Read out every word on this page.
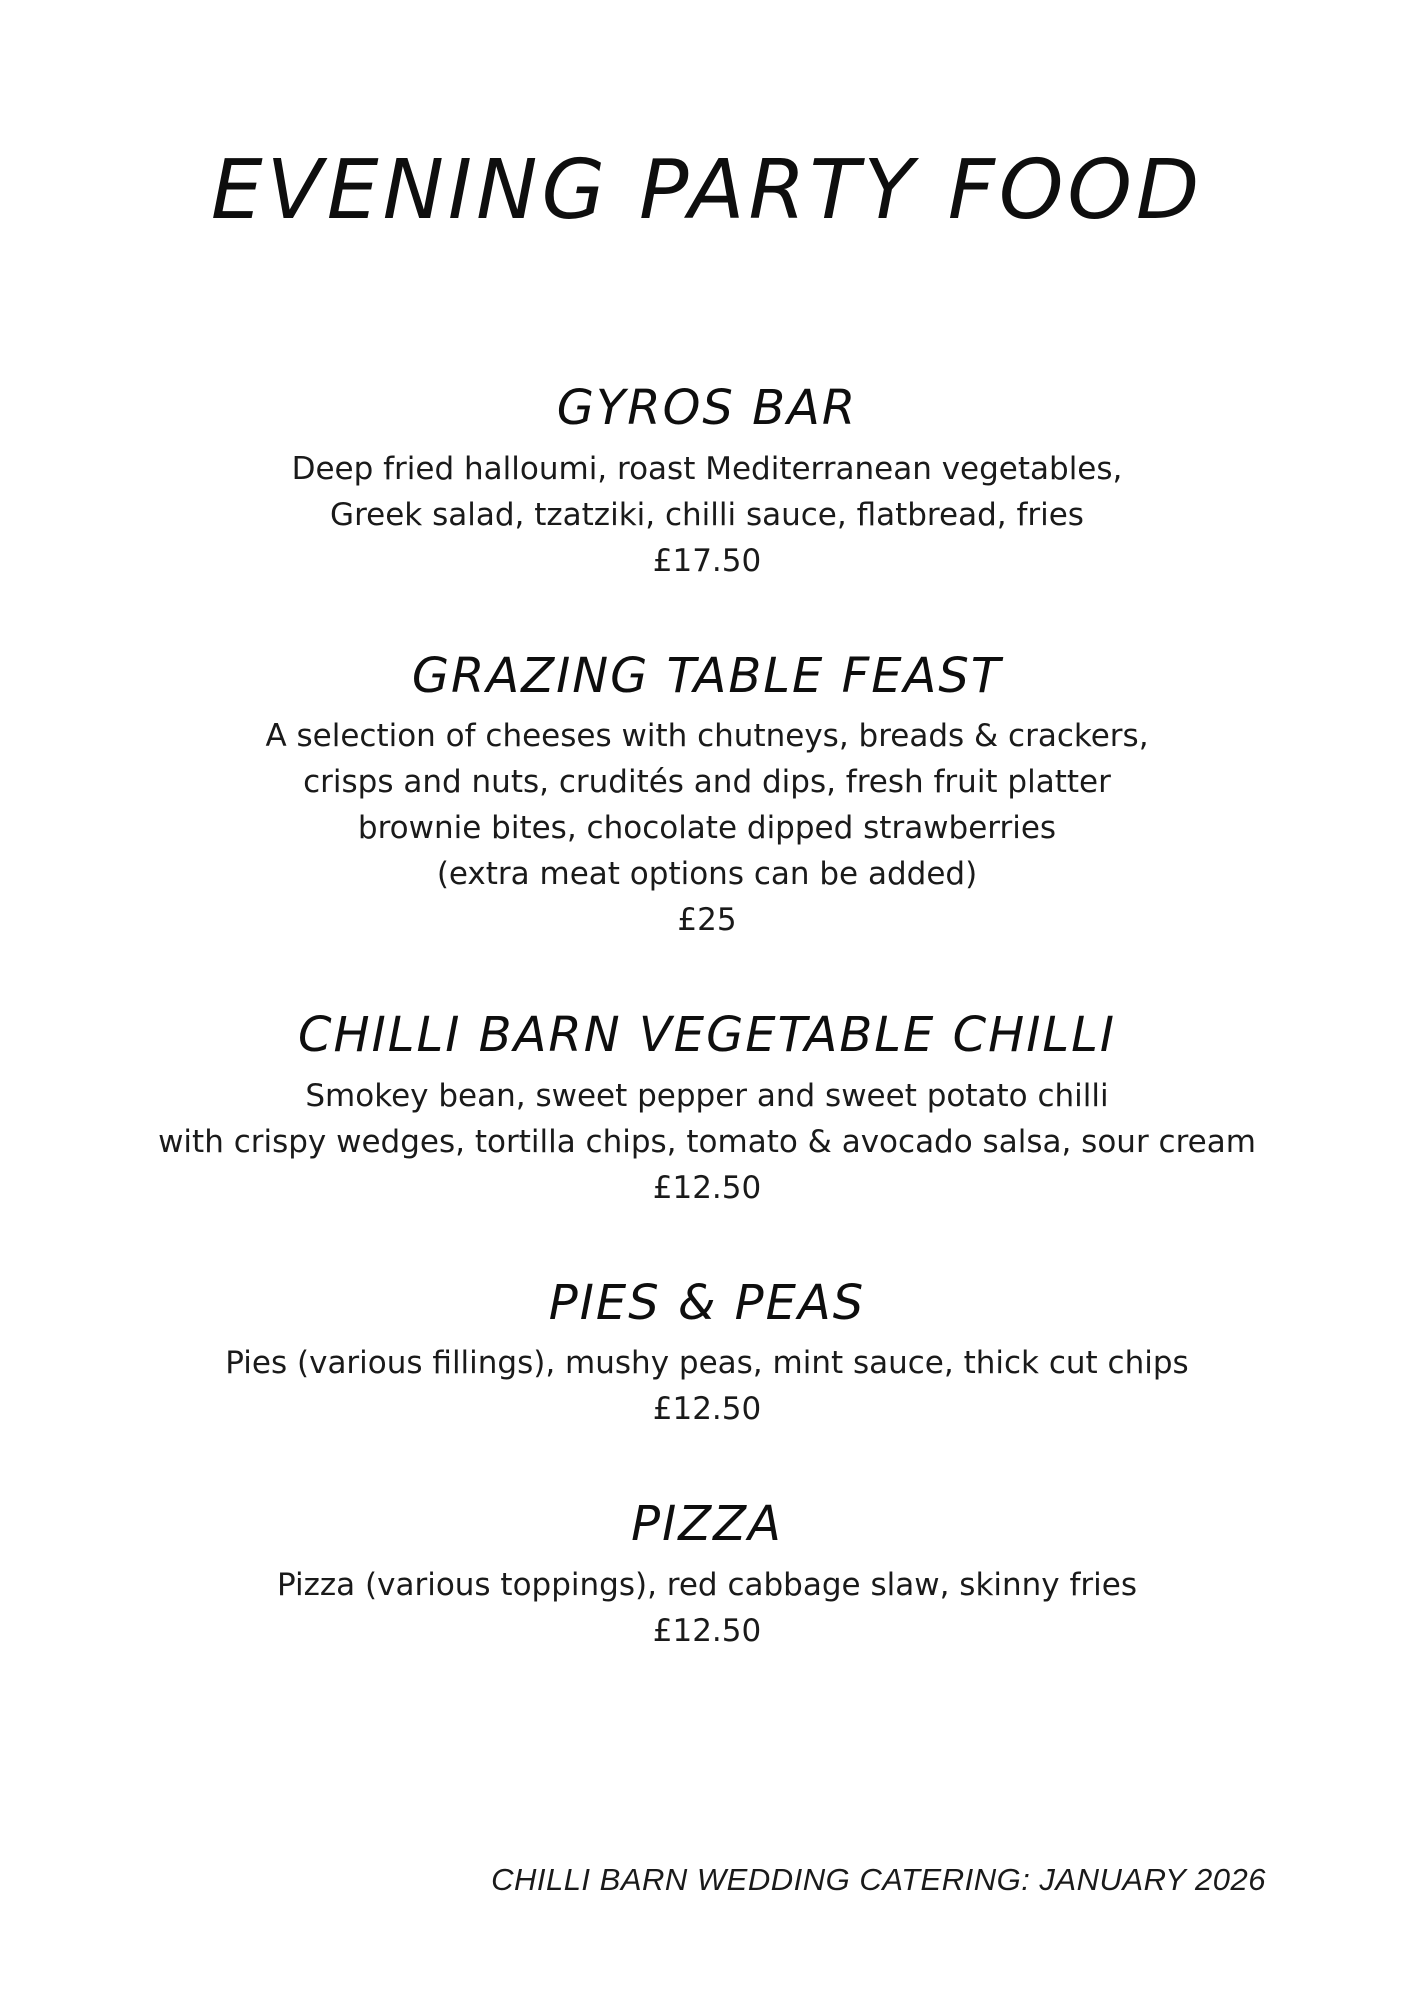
EVENING PARTY FOOD
GYROS BAR
Deep fried halloumi, roast Mediterranean vegetables,
Greek salad, tzatziki, chilli sauce, flatbread, fries
£17.50
GRAZING TABLE FEAST
A selection of cheeses with chutneys, breads & crackers,
crisps and nuts, crudités and dips, fresh fruit platter
brownie bites, chocolate dipped strawberries
(extra meat options can be added)
£25
CHILLI BARN VEGETABLE CHILLI
Smokey bean, sweet pepper and sweet potato chilli
with crispy wedges, tortilla chips, tomato & avocado salsa, sour cream
£12.50
PIES & PEAS
Pies (various fillings), mushy peas, mint sauce, thick cut chips
£12.50
PIZZA
Pizza (various toppings), red cabbage slaw, skinny fries
£12.50
CHILLI BARN WEDDING CATERING: JANUARY 2026
